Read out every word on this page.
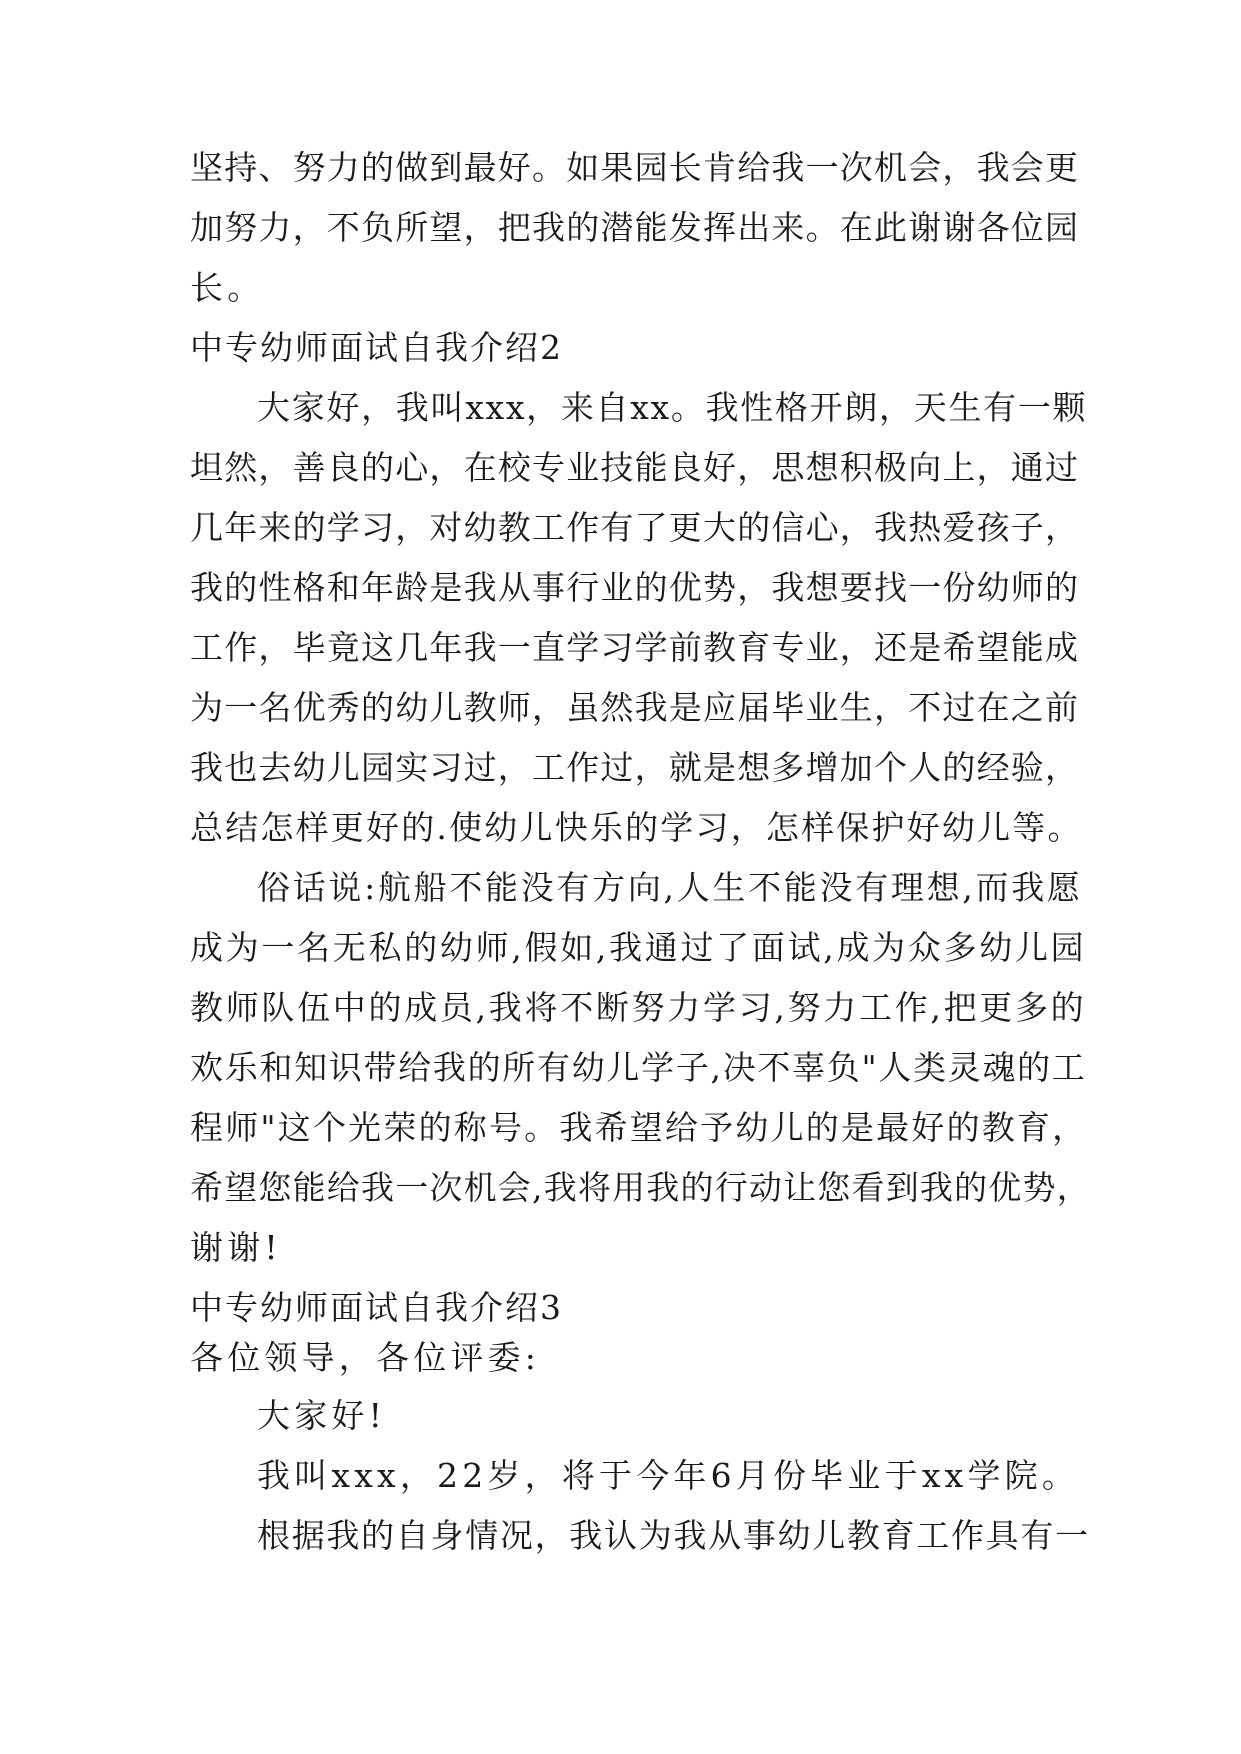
坚持、努力的做到最好。如果园长肯给我一次机会，我会更
加努力，不负所望，把我的潜能发挥出来。在此谢谢各位园
长。
中专幼师面试自我介绍2
大家好，我叫xxx，来自xx。我性格开朗，天生有一颗
坦然，善良的心，在校专业技能良好，思想积极向上，通过
几年来的学习，对幼教工作有了更大的信心，我热爱孩子，
我的性格和年龄是我从事行业的优势，我想要找一份幼师的
工作，毕竟这几年我一直学习学前教育专业，还是希望能成
为一名优秀的幼儿教师，虽然我是应届毕业生，不过在之前
我也去幼儿园实习过，工作过，就是想多增加个人的经验，
总结怎样更好的.使幼儿快乐的学习，怎样保护好幼儿等。
俗话说:航船不能没有方向,人生不能没有理想,而我愿
成为一名无私的幼师,假如,我通过了面试,成为众多幼儿园
教师队伍中的成员,我将不断努力学习,努力工作,把更多的
欢乐和知识带给我的所有幼儿学子,决不辜负"人类灵魂的工
程师"这个光荣的称号。我希望给予幼儿的是最好的教育，
希望您能给我一次机会,我将用我的行动让您看到我的优势，
谢谢!
中专幼师面试自我介绍3
各位领导，各位评委:
大家好!
我叫xxx，22岁，将于今年6月份毕业于xx学院。
根据我的自身情况，我认为我从事幼儿教育工作具有一
